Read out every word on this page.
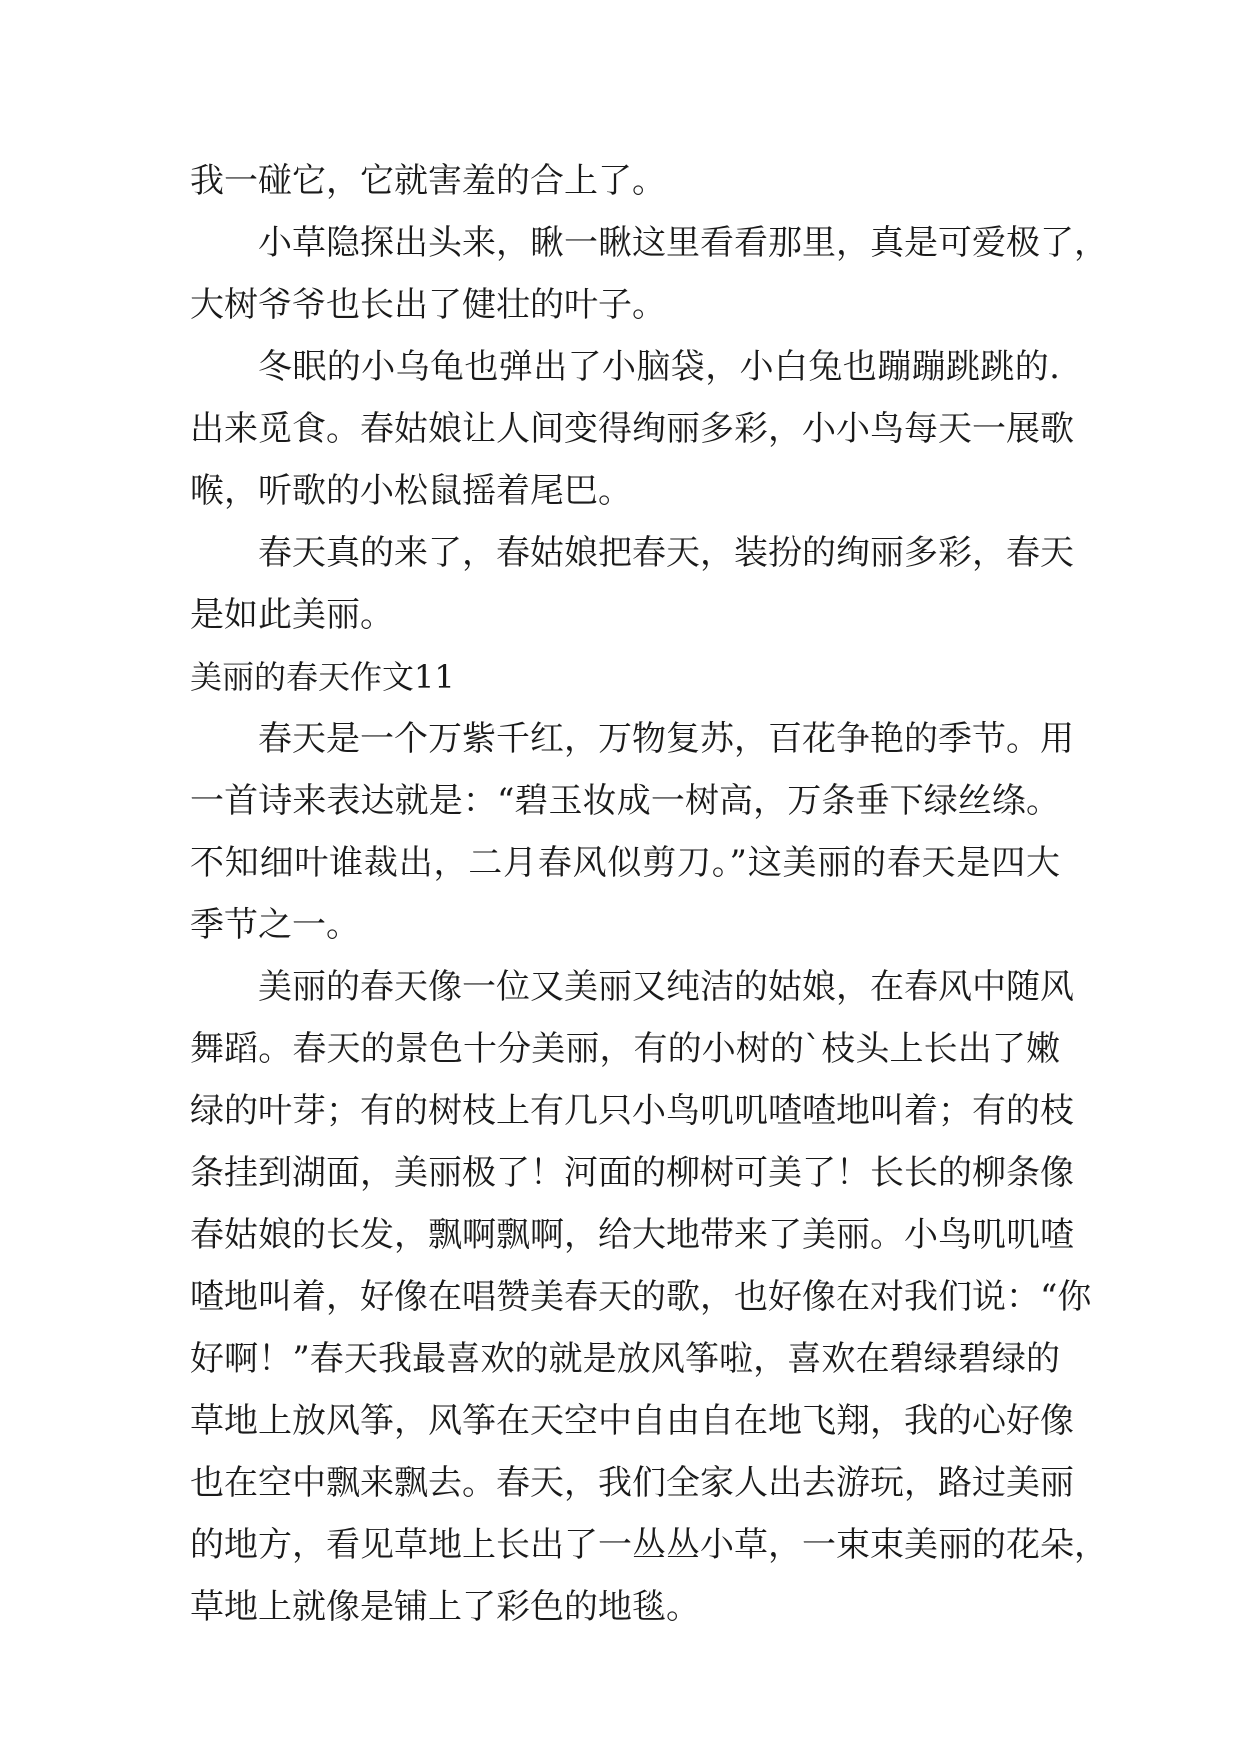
我一碰它，它就害羞的合上了。
小草隐探出头来，瞅一瞅这里看看那里，真是可爱极了，
大树爷爷也长出了健壮的叶子。
冬眠的小乌龟也弹出了小脑袋，小白兔也蹦蹦跳跳的.
出来觅食。春姑娘让人间变得绚丽多彩，小小鸟每天一展歌
喉，听歌的小松鼠摇着尾巴。
春天真的来了，春姑娘把春天，装扮的绚丽多彩，春天
是如此美丽。
美丽的春天作文11
春天是一个万紫千红，万物复苏，百花争艳的季节。用
一首诗来表达就是：“碧玉妆成一树高，万条垂下绿丝绦。
不知细叶谁裁出，二月春风似剪刀。”这美丽的春天是四大
季节之一。
美丽的春天像一位又美丽又纯洁的姑娘，在春风中随风
舞蹈。春天的景色十分美丽，有的小树的`枝头上长出了嫩
绿的叶芽；有的树枝上有几只小鸟叽叽喳喳地叫着；有的枝
条挂到湖面，美丽极了！河面的柳树可美了！长长的柳条像
春姑娘的长发，飘啊飘啊，给大地带来了美丽。小鸟叽叽喳
喳地叫着，好像在唱赞美春天的歌，也好像在对我们说：“你
好啊！”春天我最喜欢的就是放风筝啦，喜欢在碧绿碧绿的
草地上放风筝，风筝在天空中自由自在地飞翔，我的心好像
也在空中飘来飘去。春天，我们全家人出去游玩，路过美丽
的地方，看见草地上长出了一丛丛小草，一束束美丽的花朵，
草地上就像是铺上了彩色的地毯。
